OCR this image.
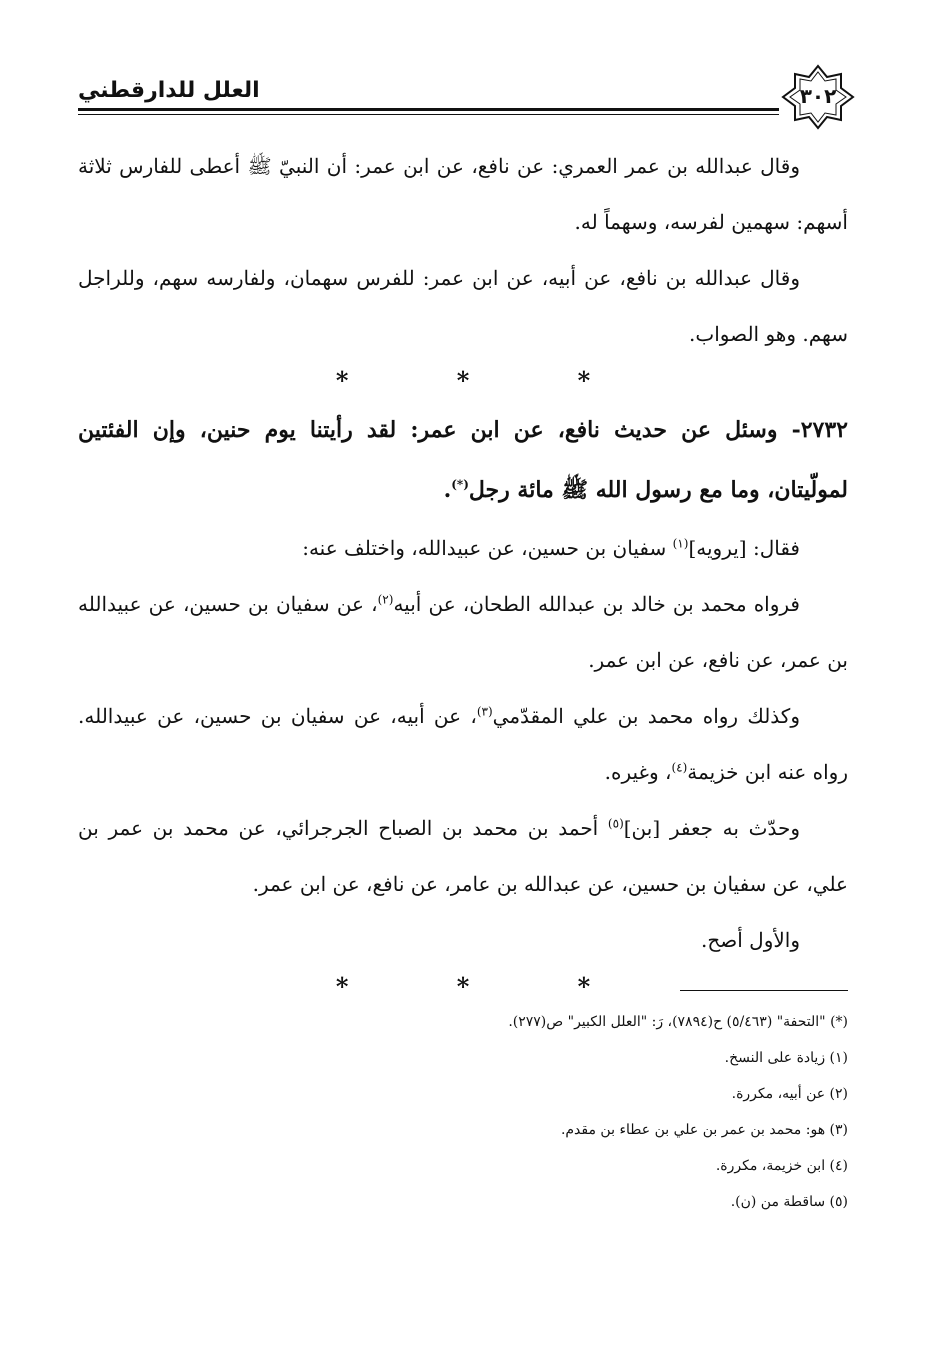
العلل للدارقطني	٣٠٢

وقال عبدالله بن عمر العمري: عن نافع، عن ابن عمر: أن النبيّ ﷺ أعطى للفارس ثلاثة أسهم: سهمين لفرسه، وسهماً له.

وقال عبدالله بن نافع، عن أبيه، عن ابن عمر: للفرس سهمان، ولفارسه سهم، وللراجل سهم. وهو الصواب.

* * *

٢٧٣٢- وسئل عن حديث نافع، عن ابن عمر: لقد رأيتنا يوم حنين، وإن الفئتين لمولّيتان، وما مع رسول الله ﷺ مائة رجل(*).

فقال: [يرويه]$^{(١)}$ سفيان بن حسين، عن عبيدالله، واختلف عنه:

فرواه محمد بن خالد بن عبدالله الطحان، عن أبيه$^{(٢)}$، عن سفيان بن حسين، عن عبيدالله بن عمر، عن نافع، عن ابن عمر.

وكذلك رواه محمد بن علي المقدّمي$^{(٣)}$، عن أبيه، عن سفيان بن حسين، عن عبيدالله. رواه عنه ابن خزيمة$^{(٤)}$، وغيره.

وحدّث به جعفر [بن]$^{(٥)}$ أحمد بن محمد بن الصباح الجرجرائي، عن محمد بن عمر بن علي، عن سفيان بن حسين، عن عبدالله بن عامر، عن نافع، عن ابن عمر.

والأول أصح.

* * *

(*) "التحفة" (٥/٤٦٣) ح(٧٨٩٤)، رَ: "العلل الكبير" ص(٢٧٧).

(١) زيادة على النسخ.

(٢) عن أبيه، مكررة.

(٣) هو: محمد بن عمر بن علي بن عطاء بن مقدم.

(٤) ابن خزيمة، مكررة.

(٥) ساقطة من (ن).
